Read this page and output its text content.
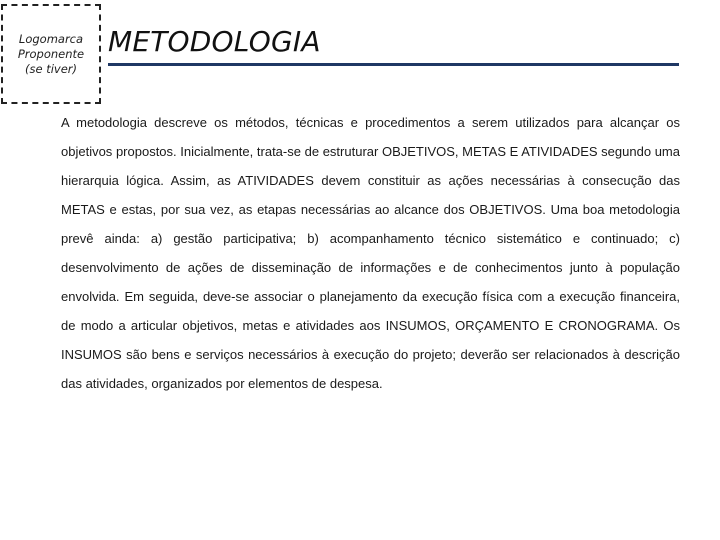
Logomarca
Proponente
(se tiver)
METODOLOGIA

A metodologia descreve os métodos, técnicas e procedimentos a serem utilizados para alcançar os objetivos propostos. Inicialmente, trata-se de estruturar OBJETIVOS, METAS E ATIVIDADES segundo uma hierarquia lógica. Assim, as ATIVIDADES devem constituir as ações necessárias à consecução das METAS e estas, por sua vez, as etapas necessárias ao alcance dos OBJETIVOS. Uma boa metodologia prevê ainda: a) gestão participativa; b) acompanhamento técnico sistemático e continuado; c) desenvolvimento de ações de disseminação de informações e de conhecimentos junto à população envolvida. Em seguida, deve-se associar o planejamento da execução física com a execução financeira, de modo a articular objetivos, metas e atividades aos INSUMOS, ORÇAMENTO E CRONOGRAMA. Os INSUMOS são bens e serviços necessários à execução do projeto; deverão ser relacionados à descrição das atividades, organizados por elementos de despesa.
